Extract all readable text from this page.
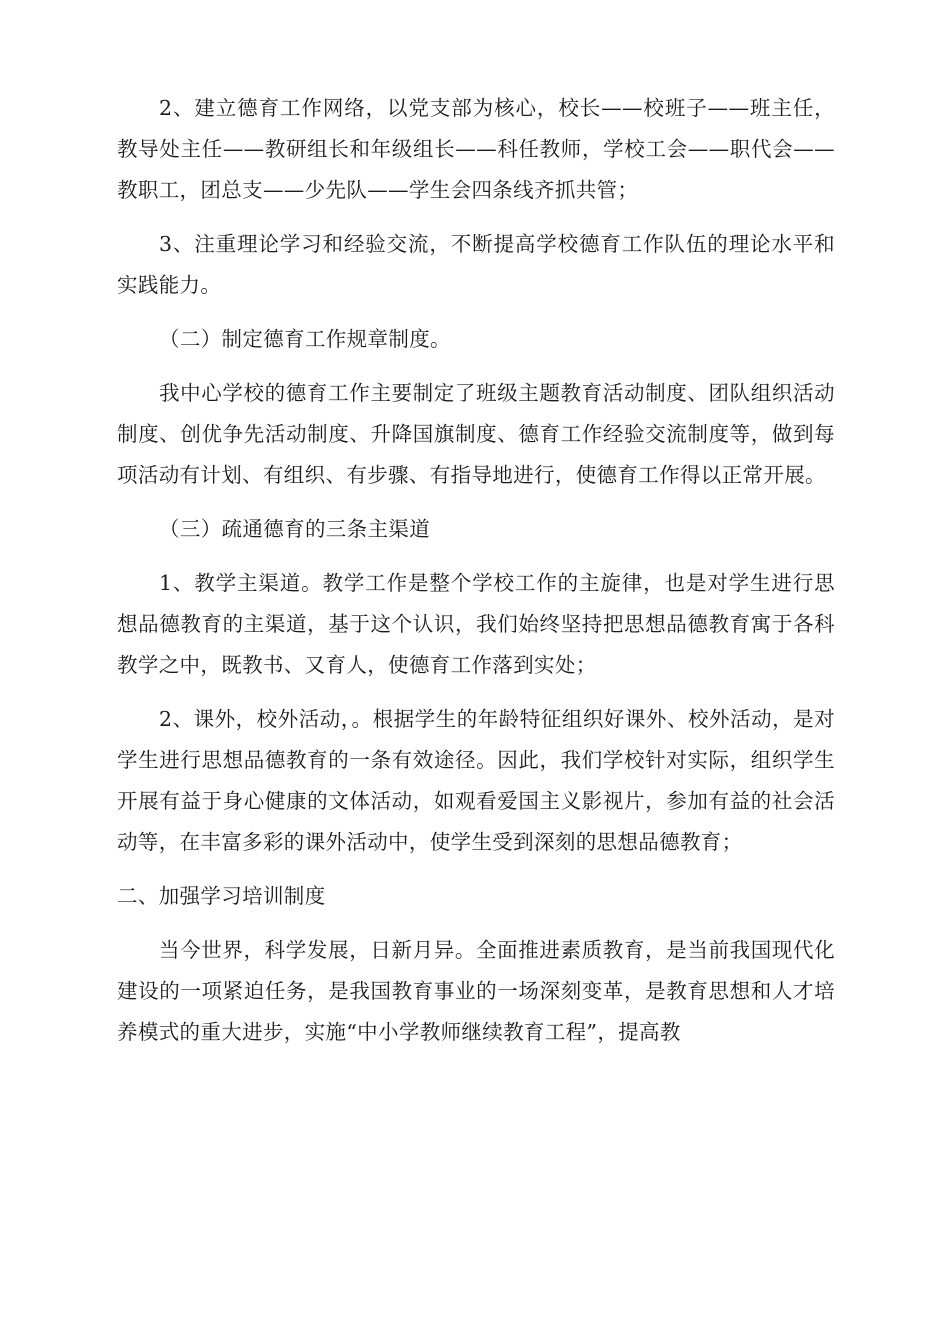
2、建立德育工作网络，以党支部为核心，校长——校班子——班主任，教导处主任——教研组长和年级组长——科任教师，学校工会——职代会——教职工，团总支——少先队——学生会四条线齐抓共管；

3、注重理论学习和经验交流，不断提高学校德育工作队伍的理论水平和实践能力。

（二）制定德育工作规章制度。

我中心学校的德育工作主要制定了班级主题教育活动制度、团队组织活动制度、创优争先活动制度、升降国旗制度、德育工作经验交流制度等，做到每项活动有计划、有组织、有步骤、有指导地进行，使德育工作得以正常开展。

（三）疏通德育的三条主渠道

1、教学主渠道。教学工作是整个学校工作的主旋律，也是对学生进行思想品德教育的主渠道，基于这个认识，我们始终坚持把思想品德教育寓于各科教学之中，既教书、又育人，使德育工作落到实处；

2、课外，校外活动，。根据学生的年龄特征组织好课外、校外活动，是对学生进行思想品德教育的一条有效途径。因此，我们学校针对实际，组织学生开展有益于身心健康的文体活动，如观看爱国主义影视片，参加有益的社会活动等，在丰富多彩的课外活动中，使学生受到深刻的思想品德教育；

二、加强学习培训制度

当今世界，科学发展，日新月异。全面推进素质教育，是当前我国现代化建设的一项紧迫任务，是我国教育事业的一场深刻变革，是教育思想和人才培养模式的重大进步，实施“中小学教师继续教育工程”，提高教
